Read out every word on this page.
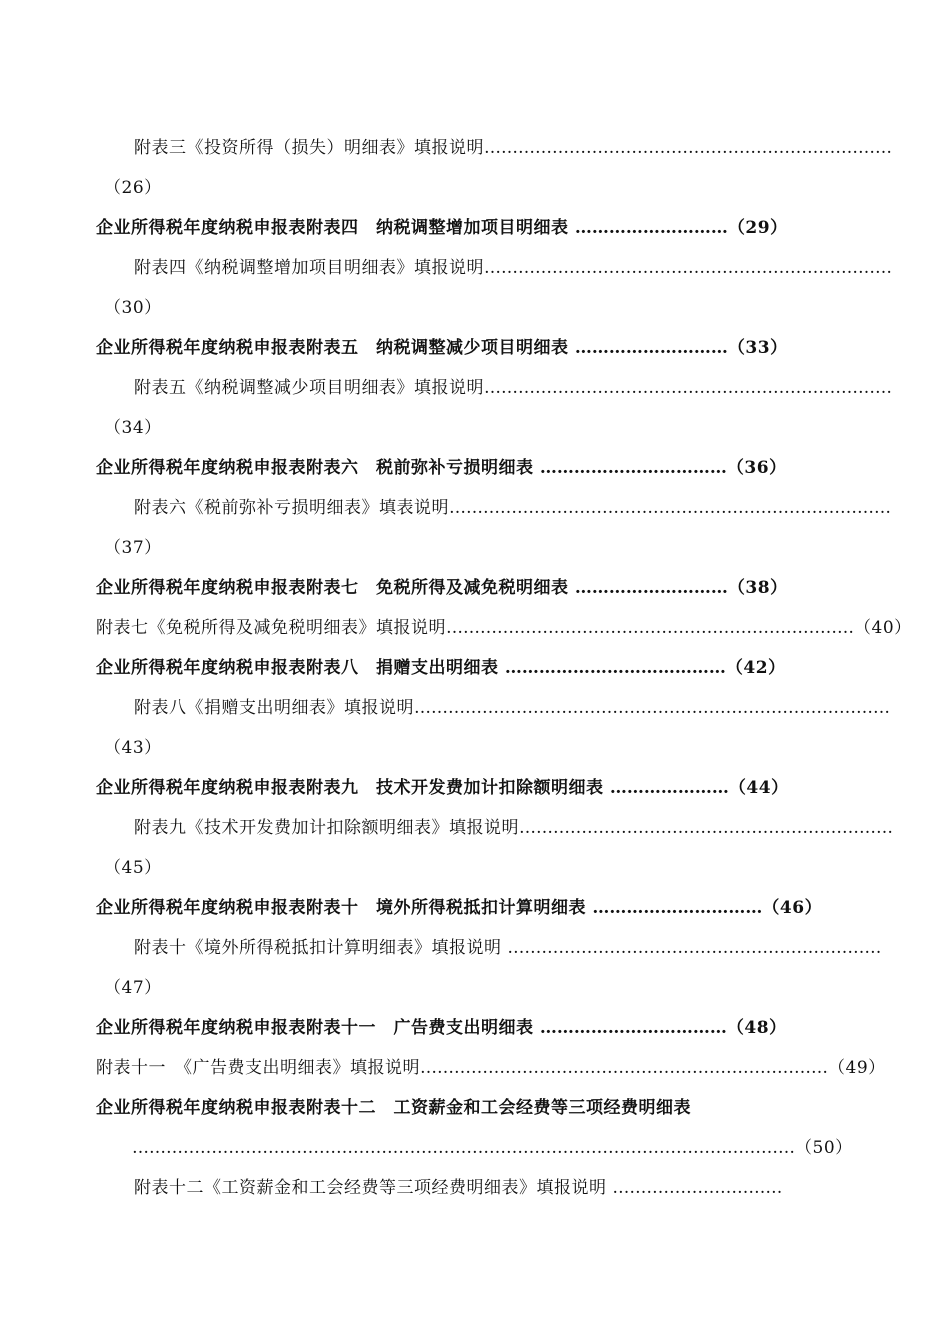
附表三《投资所得（损失）明细表》填报说明………………………………………………………………
（26）
企业所得税年度纳税申报表附表四　纳税调整增加项目明细表 ………………………（29）
附表四《纳税调整增加项目明细表》填报说明………………………………………………………………
（30）
企业所得税年度纳税申报表附表五　纳税调整减少项目明细表 ………………………（33）
附表五《纳税调整减少项目明细表》填报说明………………………………………………………………
（34）
企业所得税年度纳税申报表附表六　税前弥补亏损明细表 ……………………………（36）
附表六《税前弥补亏损明细表》填表说明……………………………………………………………………
（37）
企业所得税年度纳税申报表附表七　免税所得及减免税明细表 ………………………（38）
附表七《免税所得及减免税明细表》填报说明………………………………………………………………（40）
企业所得税年度纳税申报表附表八　捐赠支出明细表 …………………………………（42）
附表八《捐赠支出明细表》填报说明…………………………………………………………………………
（43）
企业所得税年度纳税申报表附表九　技术开发费加计扣除额明细表 …………………（44）
附表九《技术开发费加计扣除额明细表》填报说明…………………………………………………………
（45）
企业所得税年度纳税申报表附表十　境外所得税抵扣计算明细表 …………………………（46）
附表十《境外所得税抵扣计算明细表》填报说明 …………………………………………………………
（47）
企业所得税年度纳税申报表附表十一　广告费支出明细表 ……………………………（48）
附表十一　《广告费支出明细表》填报说明………………………………………………………………（49）
企业所得税年度纳税申报表附表十二　工资薪金和工会经费等三项经费明细表
………………………………………………………………………………………………………（50）
附表十二《工资薪金和工会经费等三项经费明细表》填报说明 …………………………
